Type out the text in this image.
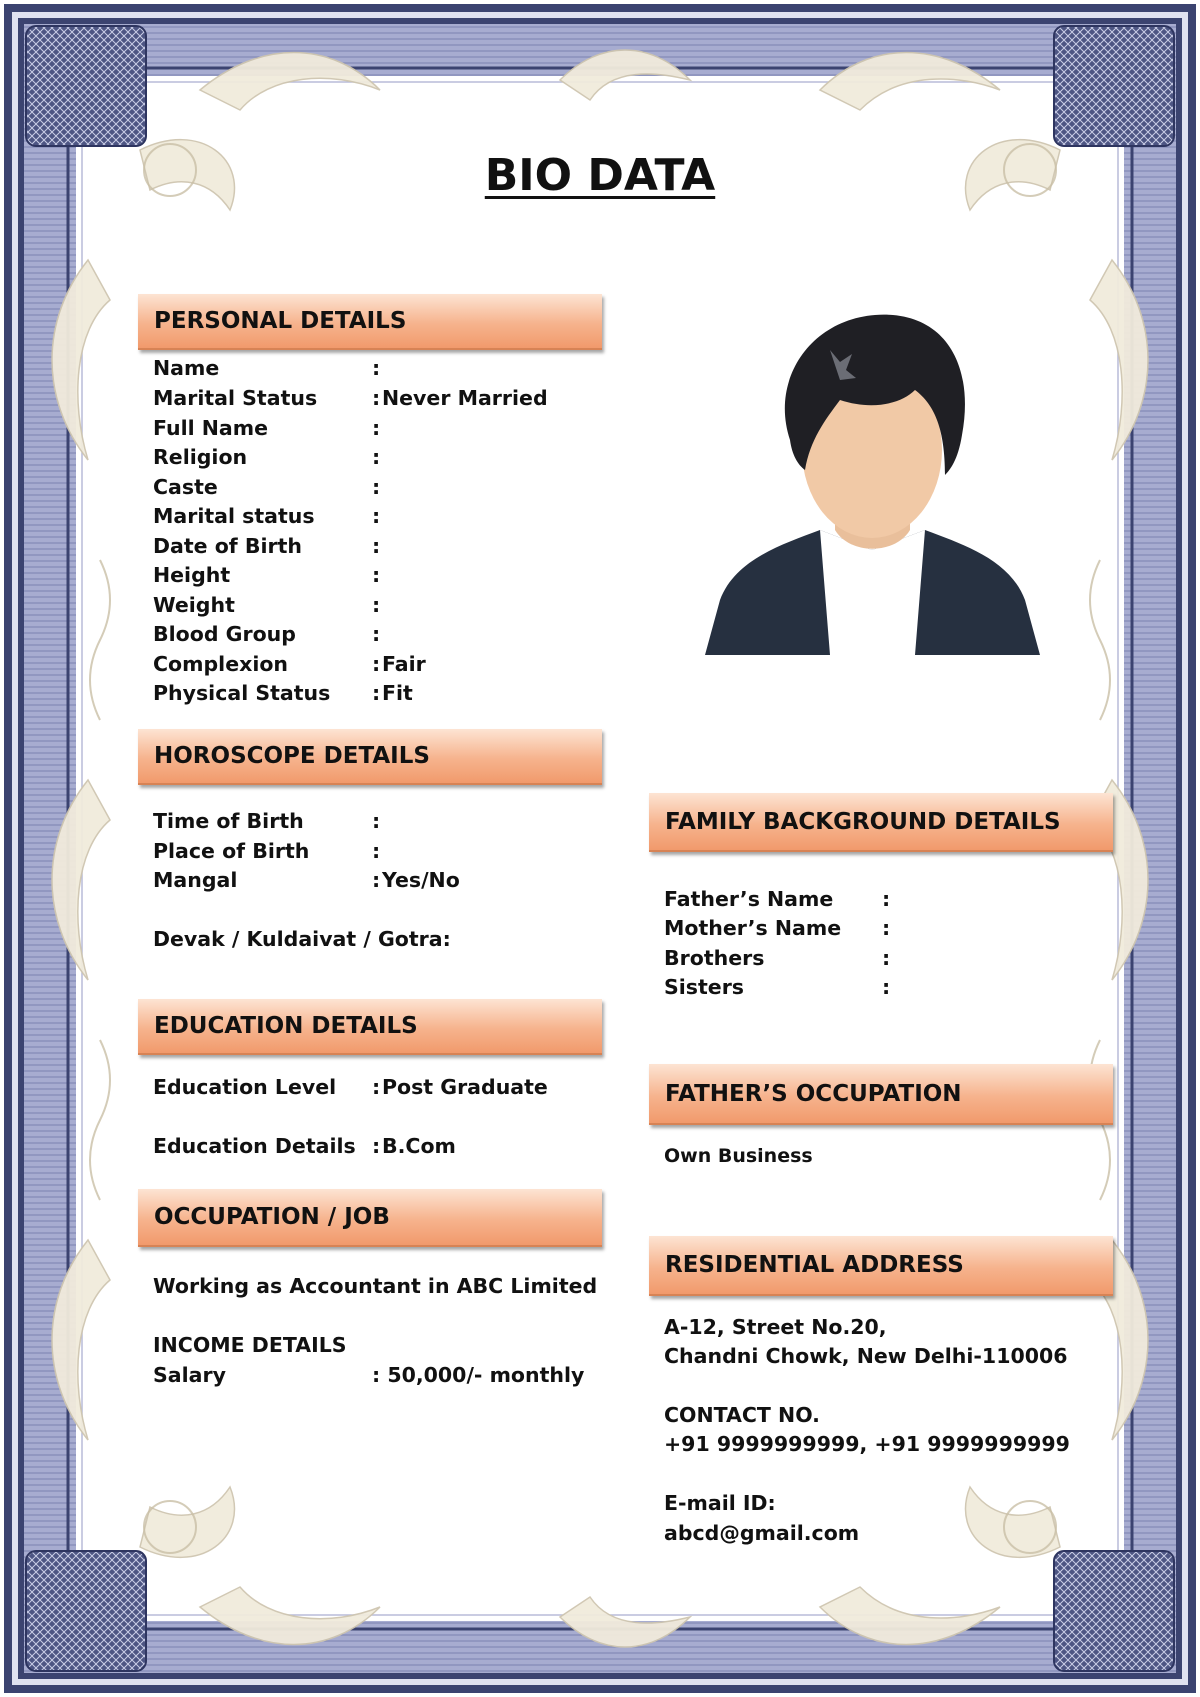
BIO DATA
PERSONAL DETAILS
Name	:
Marital Status	: Never Married
Full Name	:
Religion	:
Caste	:
Marital status	:
Date of Birth	:
Height	:
Weight	:
Blood Group	:
Complexion	: Fair
Physical Status : Fit
HOROSCOPE DETAILS
Time of Birth	:
Place of Birth	:
Mangal	: Yes/No
Devak / Kuldaivat / Gotra:
FAMILY BACKGROUND DETAILS
Father’s Name :
Mother’s Name :
Brothers	:
Sisters	:
EDUCATION DETAILS
Education Level : Post Graduate
Education Details : B.Com
FATHER’S OCCUPATION
Own Business
OCCUPATION / JOB
Working as Accountant in ABC Limited
INCOME DETAILS
Salary	: 50,000/- monthly
RESIDENTIAL ADDRESS
A-12, Street No.20,
Chandni Chowk, New Delhi-110006
CONTACT NO.
+91 9999999999, +91 9999999999
E-mail ID:
abcd@gmail.com
